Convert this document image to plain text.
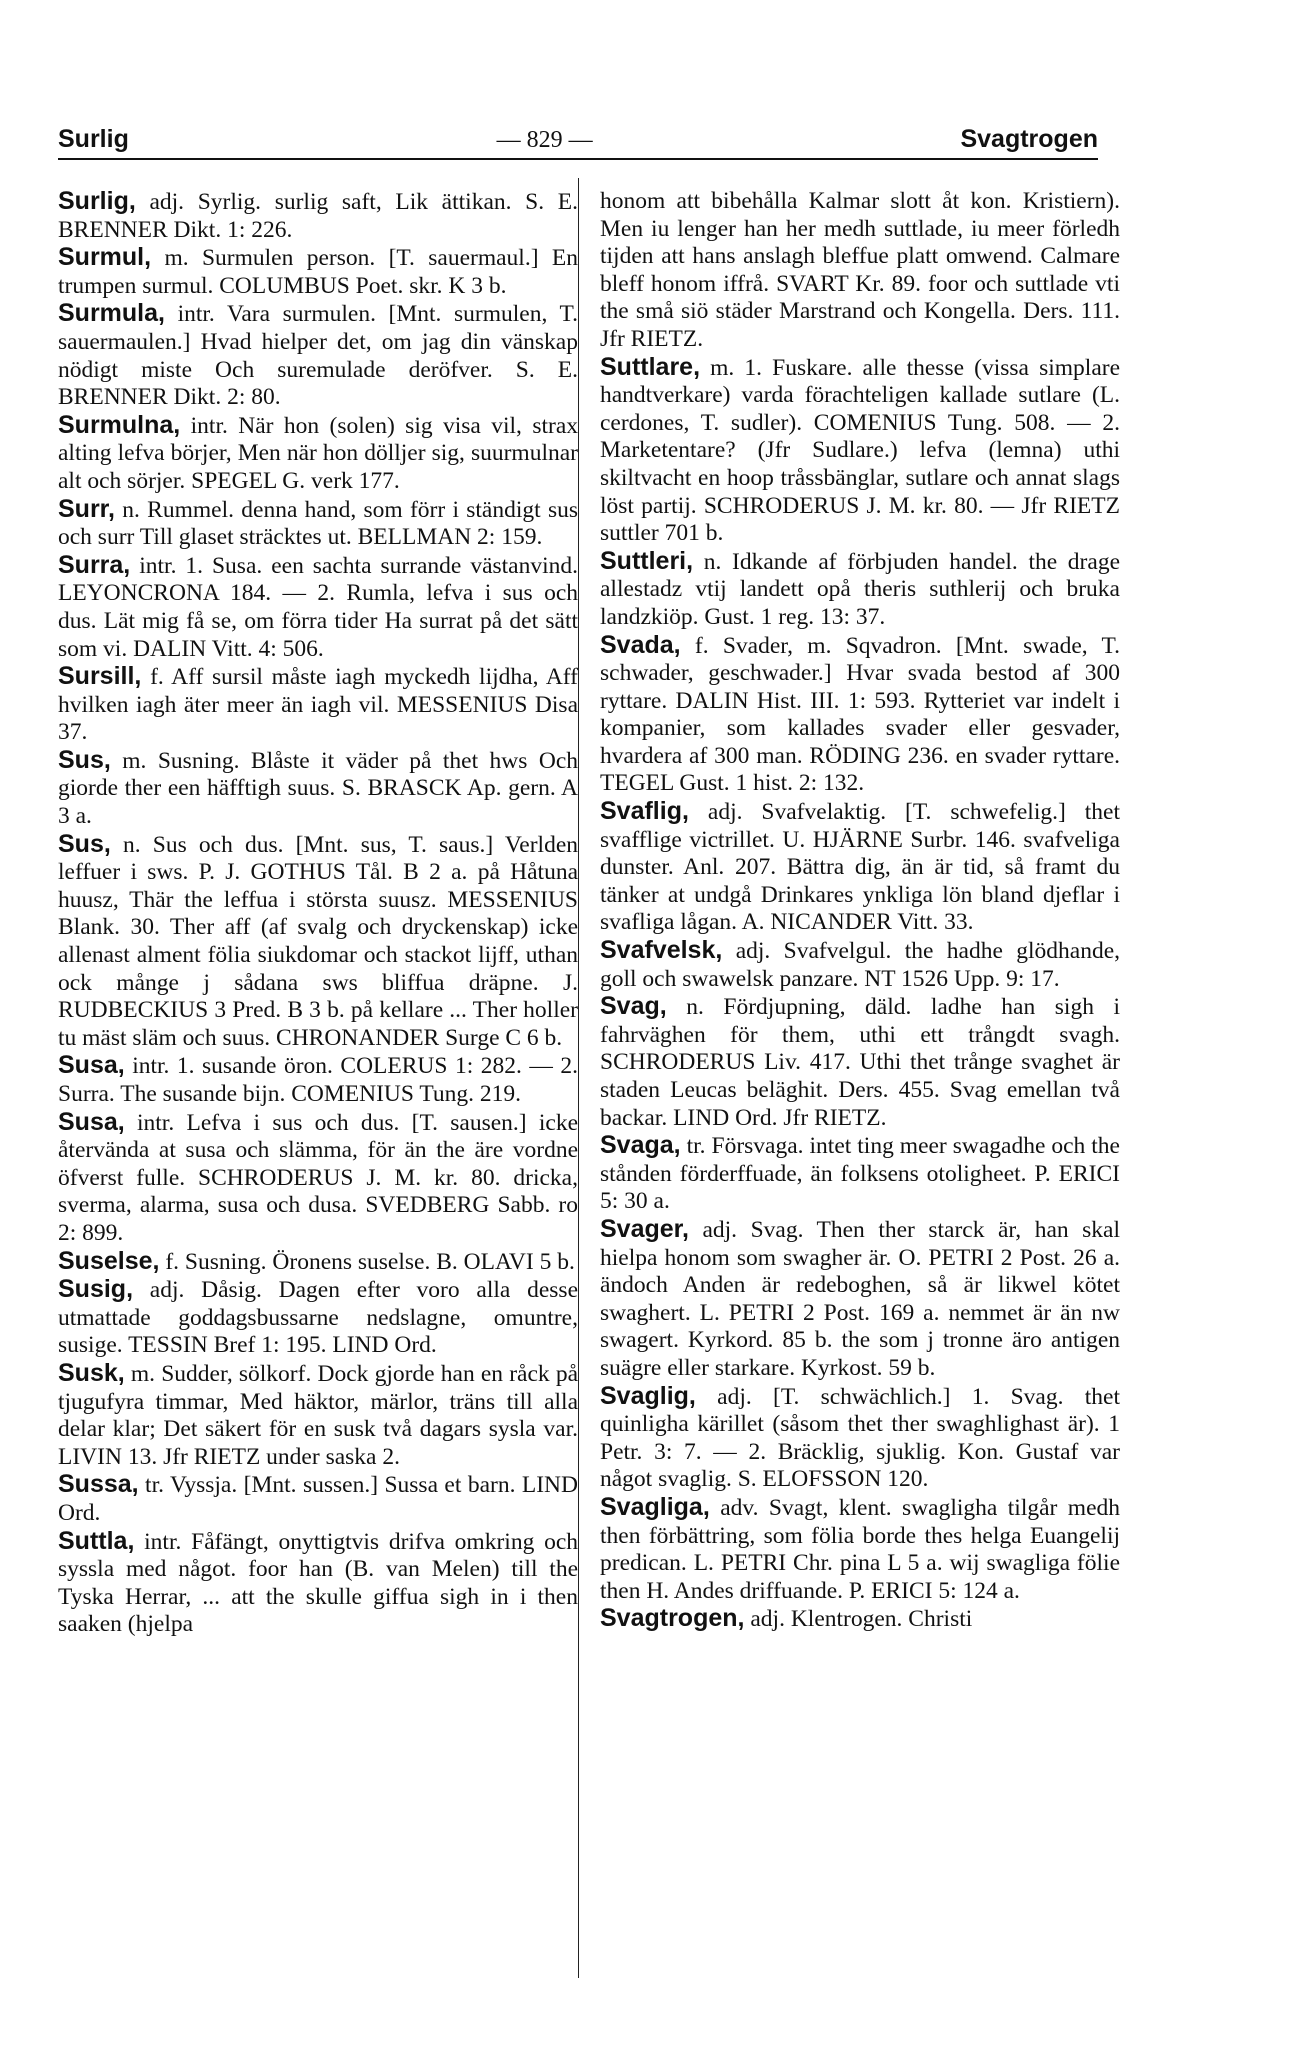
Surlig	— 829 —	Svagtrogen

Surlig, adj. Syrlig. surlig saft, Lik ättikan. S. E. BRENNER Dikt. 1: 226.

Surmul, m. Surmulen person. [T. sauermaul.] En trumpen surmul. COLUMBUS Poet. skr. K 3 b.

Surmula, intr. Vara surmulen. [Mnt. surmulen, T. sauermaulen.] Hvad hielper det, om jag din vänskap nödigt miste Och suremulade deröfver. S. E. BRENNER Dikt. 2: 80.

Surmulna, intr. När hon (solen) sig visa vil, strax alting lefva börjer, Men när hon dölljer sig, suurmulnar alt och sörjer. SPEGEL G. verk 177.

Surr, n. Rummel. denna hand, som förr i ständigt sus och surr Till glaset sträcktes ut. BELLMAN 2: 159.

Surra, intr. 1. Susa. een sachta surrande västanvind. LEYONCRONA 184. — 2. Rumla, lefva i sus och dus. Lät mig få se, om förra tider Ha surrat på det sätt som vi. DALIN Vitt. 4: 506.

Sursill, f. Aff sursil måste iagh myckedh lijdha, Aff hvilken iagh äter meer än iagh vil. MESSENIUS Disa 37.

Sus, m. Susning. Blåste it väder på thet hws Och giorde ther een häfftigh suus. S. BRASCK Ap. gern. A 3 a.

Sus, n. Sus och dus. [Mnt. sus, T. saus.] Verlden leffuer i sws. P. J. GOTHUS Tål. B 2 a. på Håtuna huusz, Thär the leffua i största suusz. MESSENIUS Blank. 30. Ther aff (af svalg och dryckenskap) icke allenast alment fölia siukdomar och stackot lijff, uthan ock månge j sådana sws bliffua dräpne. J. RUDBECKIUS 3 Pred. B 3 b. på kellare ... Ther holler tu mäst släm och suus. CHRONANDER Surge C 6 b.

Susa, intr. 1. susande öron. COLERUS 1: 282. — 2. Surra. The susande bijn. COMENIUS Tung. 219.

Susa, intr. Lefva i sus och dus. [T. sausen.] icke återvända at susa och slämma, för än the äre vordne öfverst fulle. SCHRODERUS J. M. kr. 80. dricka, sverma, alarma, susa och dusa. SVEDBERG Sabb. ro 2: 899.

Suselse, f. Susning. Öronens suselse. B. OLAVI 5 b.

Susig, adj. Dåsig. Dagen efter voro alla desse utmattade goddagsbussarne nedslagne, omuntre, susige. TESSIN Bref 1: 195. LIND Ord.

Susk, m. Sudder, sölkorf. Dock gjorde han en råck på tjugufyra timmar, Med häktor, märlor, träns till alla delar klar; Det säkert för en susk två dagars sysla var. LIVIN 13. Jfr RIETZ under saska 2.

Sussa, tr. Vyssja. [Mnt. sussen.] Sussa et barn. LIND Ord.

Suttla, intr. Fåfängt, onyttigtvis drifva omkring och syssla med något. foor han (B. van Melen) till the Tyska Herrar, ... att the skulle giffua sigh in i then saaken (hjelpa

honom att bibehålla Kalmar slott åt kon. Kristiern). Men iu lenger han her medh suttlade, iu meer förledh tijden att hans anslagh bleffue platt omwend. Calmare bleff honom iffrå. SVART Kr. 89. foor och suttlade vti the små siö städer Marstrand och Kongella. Ders. 111. Jfr RIETZ.

Suttlare, m. 1. Fuskare. alle thesse (vissa simplare handtverkare) varda förachteligen kallade sutlare (L. cerdones, T. sudler). COMENIUS Tung. 508. — 2. Marketentare? (Jfr Sudlare.) lefva (lemna) uthi skiltvacht en hoop tråssbänglar, sutlare och annat slags löst partij. SCHRODERUS J. M. kr. 80. — Jfr RIETZ suttler 701 b.

Suttleri, n. Idkande af förbjuden handel. the drage allestadz vtij landett opå theris suthlerij och bruka landzkiöp. Gust. 1 reg. 13: 37.

Svada, f. Svader, m. Sqvadron. [Mnt. swade, T. schwader, geschwader.] Hvar svada bestod af 300 ryttare. DALIN Hist. III. 1: 593. Rytteriet var indelt i kompanier, som kallades svader eller gesvader, hvardera af 300 man. RÖDING 236. en svader ryttare. TEGEL Gust. 1 hist. 2: 132.

Svaflig, adj. Svafvelaktig. [T. schwefelig.] thet svafflige victrillet. U. HJÄRNE Surbr. 146. svafveliga dunster. Anl. 207. Bättra dig, än är tid, så framt du tänker at undgå Drinkares ynkliga lön bland djeflar i svafliga lågan. A. NICANDER Vitt. 33.

Svafvelsk, adj. Svafvelgul. the hadhe glödhande, goll och swawelsk panzare. NT 1526 Upp. 9: 17.

Svag, n. Fördjupning, däld. ladhe han sigh i fahrväghen för them, uthi ett trångdt svagh. SCHRODERUS Liv. 417. Uthi thet trånge svaghet är staden Leucas beläghit. Ders. 455. Svag emellan två backar. LIND Ord. Jfr RIETZ.

Svaga, tr. Försvaga. intet ting meer swagadhe och the stånden förderffuade, än folksens otoligheet. P. ERICI 5: 30 a.

Svager, adj. Svag. Then ther starck är, han skal hielpa honom som swagher är. O. PETRI 2 Post. 26 a. ändoch Anden är redeboghen, så är likwel kötet swaghert. L. PETRI 2 Post. 169 a. nemmet är än nw swagert. Kyrkord. 85 b. the som j tronne äro antigen suägre eller starkare. Kyrkost. 59 b.

Svaglig, adj. [T. schwächlich.] 1. Svag. thet quinligha kärillet (såsom thet ther swaghlighast är). 1 Petr. 3: 7. — 2. Bräcklig, sjuklig. Kon. Gustaf var något svaglig. S. ELOFSSON 120.

Svagliga, adv. Svagt, klent. swagligha tilgår medh then förbättring, som fölia borde thes helga Euangelij predican. L. PETRI Chr. pina L 5 a. wij swagliga fölie then H. Andes driffuande. P. ERICI 5: 124 a.

Svagtrogen, adj. Klentrogen. Christi
